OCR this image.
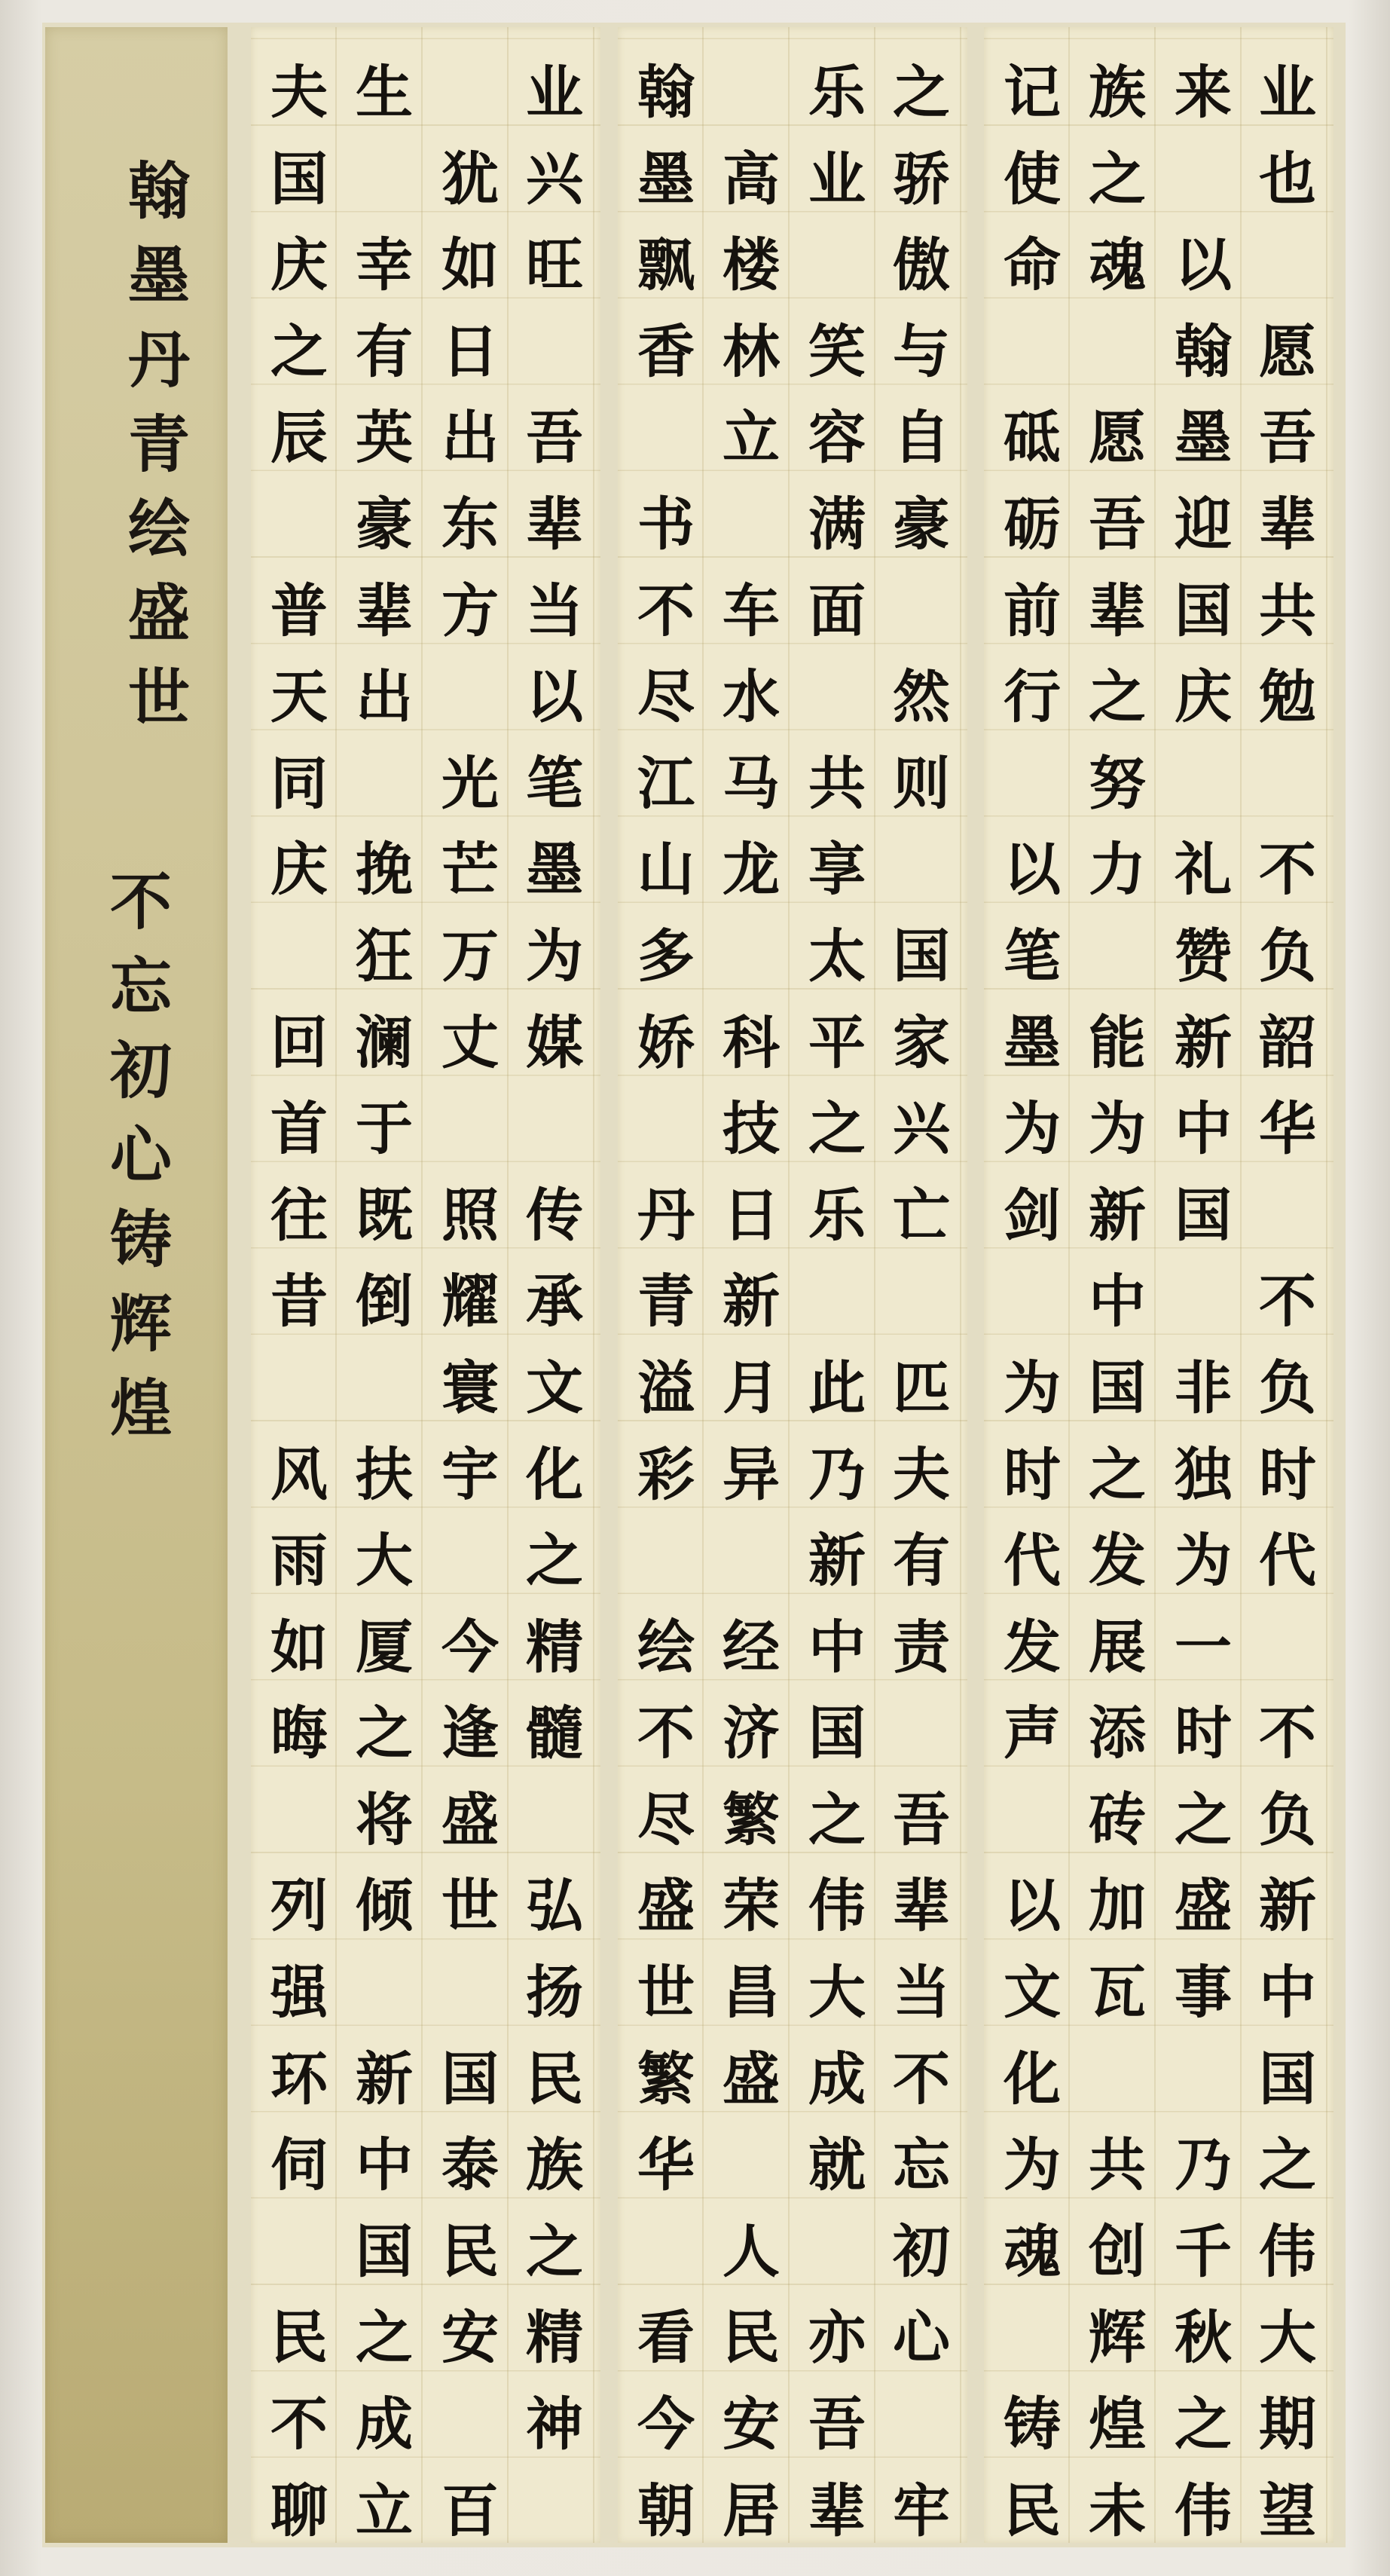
翰
墨
丹
青
绘
盛
世
不
忘
初
心
铸
辉
煌
夫
国
庆
之
辰

普
天
同
庆

回
首
往
昔

风
雨
如
晦

列
强
环
伺

民
不
聊
生

幸
有
英
豪
辈
出

挽
狂
澜
于
既
倒

扶
大
厦
之
将
倾

新
中
国
之
成
立

犹
如
日
出
东
方

光
芒
万
丈

照
耀
寰
宇

今
逢
盛
世

国
泰
民
安

百
业
兴
旺

吾
辈
当
以
笔
墨
为
媒

传
承
文
化
之
精
髓

弘
扬
民
族
之
精
神

翰
墨
飘
香

书
不
尽
江
山
多
娇

丹
青
溢
彩

绘
不
尽
盛
世
繁
华

看
今
朝

高
楼
林
立

车
水
马
龙

科
技
日
新
月
异

经
济
繁
荣
昌
盛

人
民
安
居
乐
业

笑
容
满
面

共
享
太
平
之
乐

此
乃
新
中
国
之
伟
大
成
就

亦
吾
辈
之
骄
傲
与
自
豪

然
则

国
家
兴
亡

匹
夫
有
责

吾
辈
当
不
忘
初
心

牢
记
使
命

砥
砺
前
行

以
笔
墨
为
剑

为
时
代
发
声

以
文
化
为
魂

铸
民
族
之
魂

愿
吾
辈
之
努
力

能
为
新
中
国
之
发
展
添
砖
加
瓦

共
创
辉
煌
未
来

以
翰
墨
迎
国
庆

礼
赞
新
中
国

非
独
为
一
时
之
盛
事

乃
千
秋
之
伟
业
也

愿
吾
辈
共
勉

不
负
韶
华

不
负
时
代

不
负
新
中
国
之
伟
大
期
望
